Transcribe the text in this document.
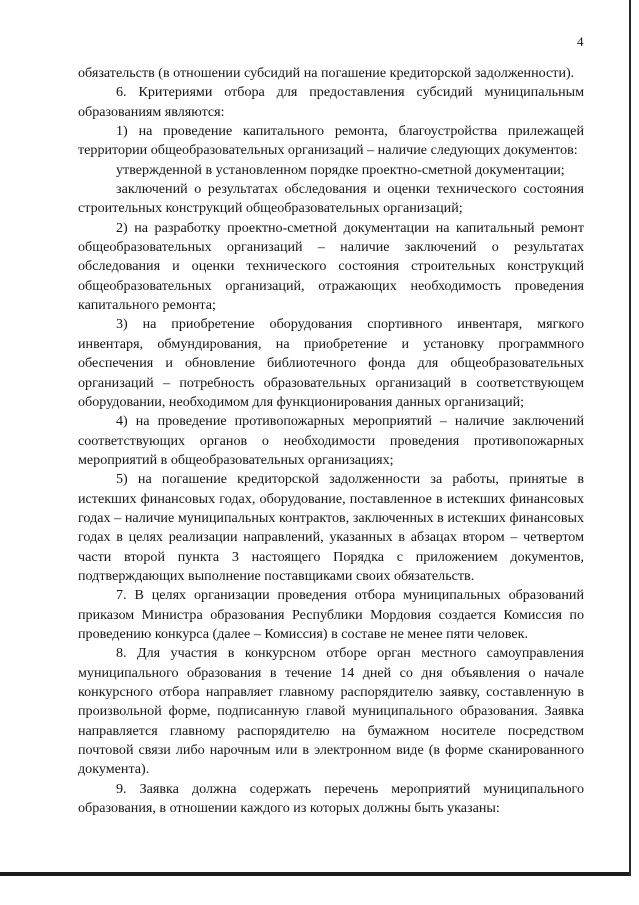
4

обязательств (в отношении субсидий на погашение кредиторской задолженности).

6. Критериями отбора для предоставления субсидий муниципальным образованиям являются:

1) на проведение капитального ремонта, благоустройства прилежащей территории общеобразовательных организаций – наличие следующих документов:

утвержденной в установленном порядке проектно-сметной документации;

заключений о результатах обследования и оценки технического состояния строительных конструкций общеобразовательных организаций;

2) на разработку проектно-сметной документации на капитальный ремонт общеобразовательных организаций – наличие заключений о результатах обследования и оценки технического состояния строительных конструкций общеобразовательных организаций, отражающих необходимость проведения капитального ремонта;

3) на приобретение оборудования спортивного инвентаря, мягкого инвентаря, обмундирования, на приобретение и установку программного обеспечения и обновление библиотечного фонда для общеобразовательных организаций – потребность образовательных организаций в соответствующем оборудовании, необходимом для функционирования данных организаций;

4) на проведение противопожарных мероприятий – наличие заключений соответствующих органов о необходимости проведения противопожарных мероприятий в общеобразовательных организациях;

5) на погашение кредиторской задолженности за работы, принятые в истекших финансовых годах, оборудование, поставленное в истекших финансовых годах – наличие муниципальных контрактов, заключенных в истекших финансовых годах в целях реализации направлений, указанных в абзацах втором – четвертом части второй пункта 3 настоящего Порядка с приложением документов, подтверждающих выполнение поставщиками своих обязательств.

7. В целях организации проведения отбора муниципальных образований приказом Министра образования Республики Мордовия создается Комиссия по проведению конкурса (далее – Комиссия) в составе не менее пяти человек.

8. Для участия в конкурсном отборе орган местного самоуправления муниципального образования в течение 14 дней со дня объявления о начале конкурсного отбора направляет главному распорядителю заявку, составленную в произвольной форме, подписанную главой муниципального образования. Заявка направляется главному распорядителю на бумажном носителе посредством почтовой связи либо нарочным или в электронном виде (в форме сканированного документа).

9. Заявка должна содержать перечень мероприятий муниципального образования, в отношении каждого из которых должны быть указаны:
